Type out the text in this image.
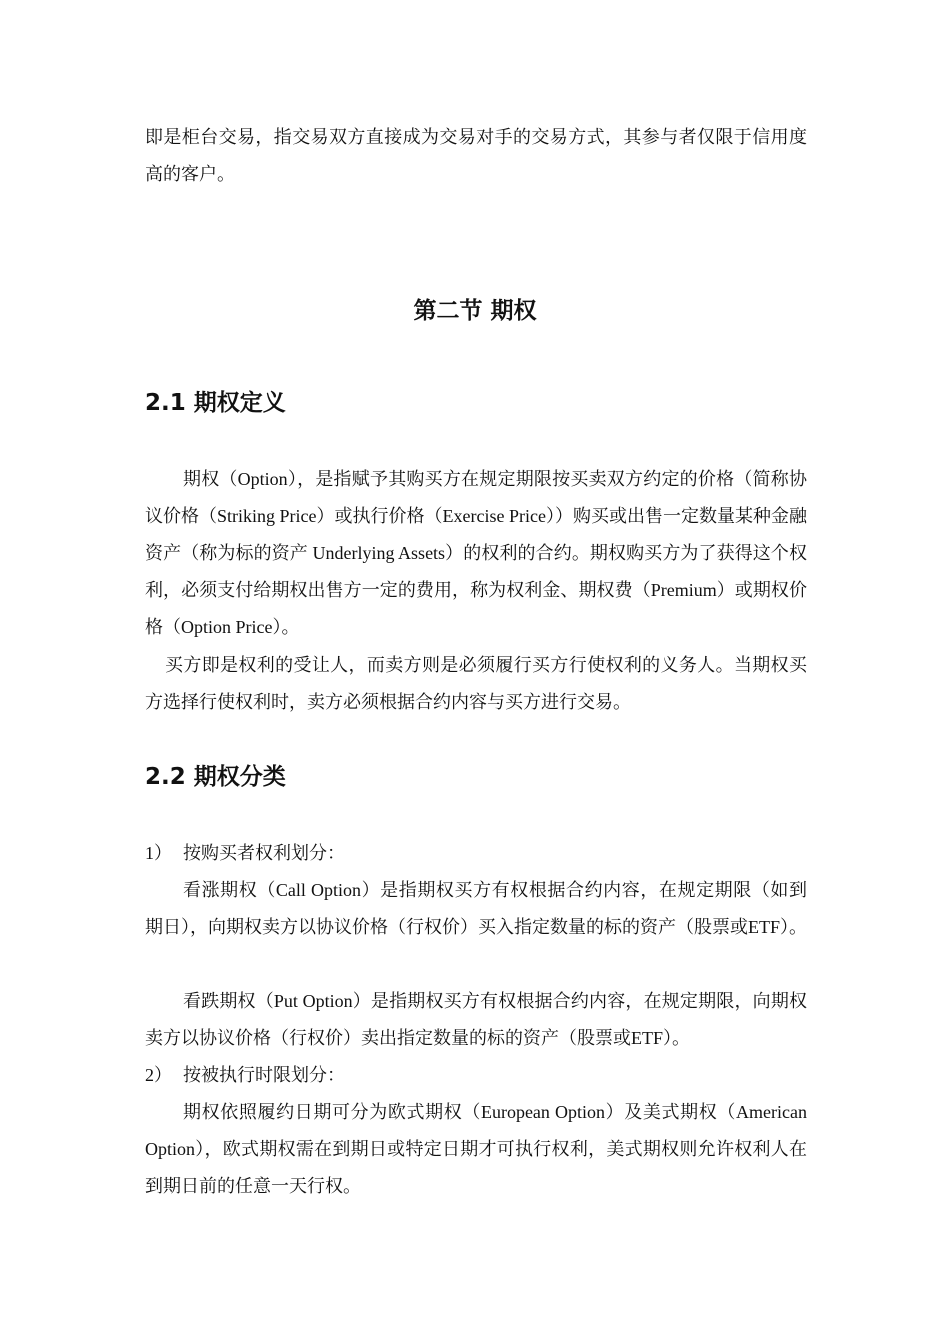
即是柜台交易，指交易双方直接成为交易对手的交易方式，其参与者仅限于信用度高的客户。

第二节 期权
2.1 期权定义

期权（Option），是指赋予其购买方在规定期限按买卖双方约定的价格（简称协议价格（Striking Price）或执行价格（Exercise Price））购买或出售一定数量某种金融资产（称为标的资产 Underlying Assets）的权利的合约。期权购买方为了获得这个权利，必须支付给期权出售方一定的费用，称为权利金、期权费（Premium）或期权价格（Option Price）。

买方即是权利的受让人，而卖方则是必须履行买方行使权利的义务人。当期权买方选择行使权利时，卖方必须根据合约内容与买方进行交易。

2.2 期权分类

1） 按购买者权利划分：

看涨期权（Call Option）是指期权买方有权根据合约内容，在规定期限（如到期日），向期权卖方以协议价格（行权价）买入指定数量的标的资产（股票或ETF）。

看跌期权（Put Option）是指期权买方有权根据合约内容，在规定期限，向期权卖方以协议价格（行权价）卖出指定数量的标的资产（股票或ETF）。

2） 按被执行时限划分：

期权依照履约日期可分为欧式期权（European Option）及美式期权（American Option），欧式期权需在到期日或特定日期才可执行权利，美式期权则允许权利人在到期日前的任意一天行权。
